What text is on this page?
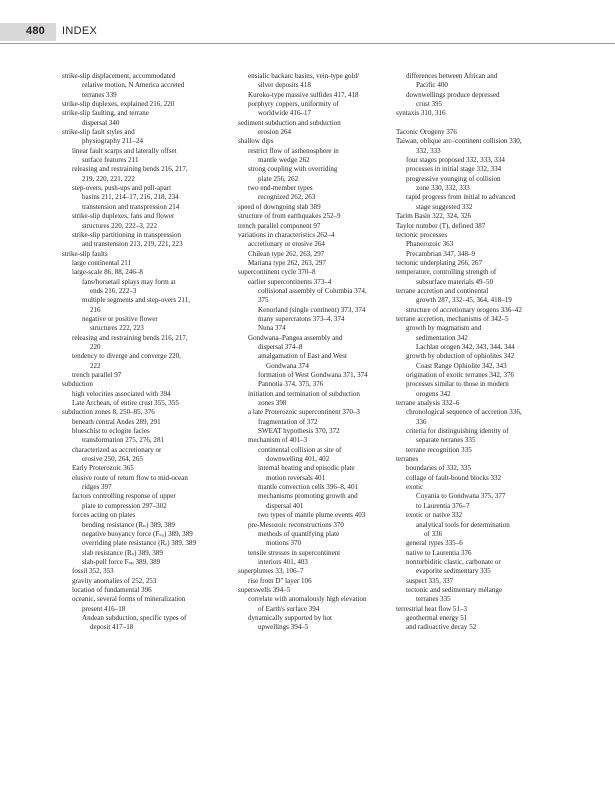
480 INDEX
strike-slip displacement, accommodated
relative motion, N America accreted
terranes 339
strike-slip duplexes, explained 216, 220
strike-slip faulting, and terrane
dispersal 340
strike-slip fault styles and
physiography 211–24
linear fault scarps and laterally offset
surface features 211
releasing and restraining bends 216, 217,
219, 220, 221, 222
step-overs, push-ups and pull-apart
basins 211, 214–17, 216, 218, 234
transtension and transpression 214
strike-slip duplexes, fans and flower
structures 220, 222–3, 222
strike-slip partitioning in transpression
and transtension 213, 219, 221, 223
strike-slip faults
large continental 211
large-scale 86, 88, 246–8
fans/horsetail splays may form at
ends 216, 222–3
multiple segments and step-overs 211,
216
negative or positive flower
structures 222, 223
releasing and restraining bends 216, 217,
220
tendency to diverge and converge 220,
222
trench parallel 97
subduction
high velocities associated with 394
Late Archean, of entire crust 355, 355
subduction zones 8, 250–85, 376
beneath central Andes 289, 291
blueschist to eclogite facies
transformation 275, 276, 281
characterized as accretionary or
erosive 250, 264, 265
Early Proterozoic 365
elusive route of return flow to mid-ocean
ridges 397
factors controlling response of upper
plate to compression 297–302
forces acting on plates
bending resistance (Rₙ) 389, 389
negative buoyancy force (Fₛᵤ) 389, 389
overriding plate resistance (Rₒ) 389, 389
slab resistance (Rₛ) 389, 389
slab-pull force Fₛₚ 389, 389
fossil 352, 353
gravity anomalies of 252, 253
location of fundamental 396
oceanic, several forms of mineralization
present 416–18
Andean subduction, specific types of
deposit 417–18
ensialic backarc basins, vein-type gold/
silver deposits 418
Kuroko-type massive sulfides 417, 418
porphyry coppers, uniformity of
worldwide 416–17
sediment subduction and subduction
erosion 264
shallow dips
restrict flow of asthenosphere in
mantle wedge 262
strong coupling with overriding
plate 256, 262
two end-member types
recognized 262, 263
speed of downgoing slab 389
structure of from earthquakes 252–9
trench parallel component 97
variations in characteristics 262–4
accretionary or erosive 264
Chilean type 262, 263, 297
Mariana type 262, 263, 297
supercontinent cycle 370–8
earlier supercontinents 373–4
collisional assembly of Columbia 374,
375
Kenorland (single continent) 373, 374
many supercratons 373–4, 374
Nuna 374
Gondwana–Pangea assembly and
dispersal 374–8
amalgamation of East and West
Gondwana 374
formation of West Gondwana 371, 374
Pannotia 374, 375, 376
initiation and termination of subduction
zones 398
a late Proterozoic supercontinent 370–3
fragmentation of 372
SWEAT hypothesis 370, 372
mechanism of 401–3
continental collision at site of
downwelling 401, 402
internal heating and episodic plate
motion reversals 401
mantle convection cells 396–8, 401
mechanisms promoting growth and
dispersal 401
two types of mantle plume events 403
pre-Mesozoic reconstructions 370
methods of quantifying plate
motions 370
tensile stresses in supercontinent
interiors 401, 403
superplumes 33, 106–7
rise from D″ layer 106
superswells 394–5
correlate with anomalously high elevation
of Earth's surface 394
dynamically supported by hot
upwellings 394–5
differences between African and
Pacific 400
downwellings produce depressed
crust 395
syntaxis 310, 316
Taconic Orogeny 376
Taiwan, oblique arc–continent collision 330,
332, 333
four stages proposed 332, 333, 334
processes in initial stage 332, 334
progressive younging of collision
zone 330, 332, 333
rapid progress from initial to advanced
stage suggested 332
Tarim Basin 322, 324, 326
Taylor number (T), defined 387
tectonic processes
Phanerozoic 363
Precambrian 347, 348–9
tectonic underplating 266, 267
temperature, controlling strength of
subsurface materials 49–50
terrane accretion and continental
growth 287, 332–45, 364, 418–19
structure of accretionary orogens 336–42
terrane accretion, mechanisms of 342–5
growth by magmatism and
sedimentation 342
Lachlan orogen 342, 343, 344, 344
growth by obduction of ophiolites 342
Coast Range Ophiolite 342, 343
origination of exotic terranes 342, 376
processes similar to those in modern
orogens 342
terrane analysis 332–6
chronological sequence of accretion 336,
336
criteria for distinguishing identity of
separate terranes 335
terrane recognition 335
terranes
boundaries of 332, 335
collage of fault-bound blocks 332
exotic
Cuyania to Gondwana 375, 377
to Laurentia 376–7
exotic or native 332
analytical tools for determination
of 336
general types 335–6
native to Laurentia 376
nonturbiditic clastic, carbonate or
evaporite sedimentary 335
suspect 335, 337
tectonic and sedimentary mélange
terranes 335
terrestrial heat flow 51–3
geothermal energy 51
and radioactive decay 52
